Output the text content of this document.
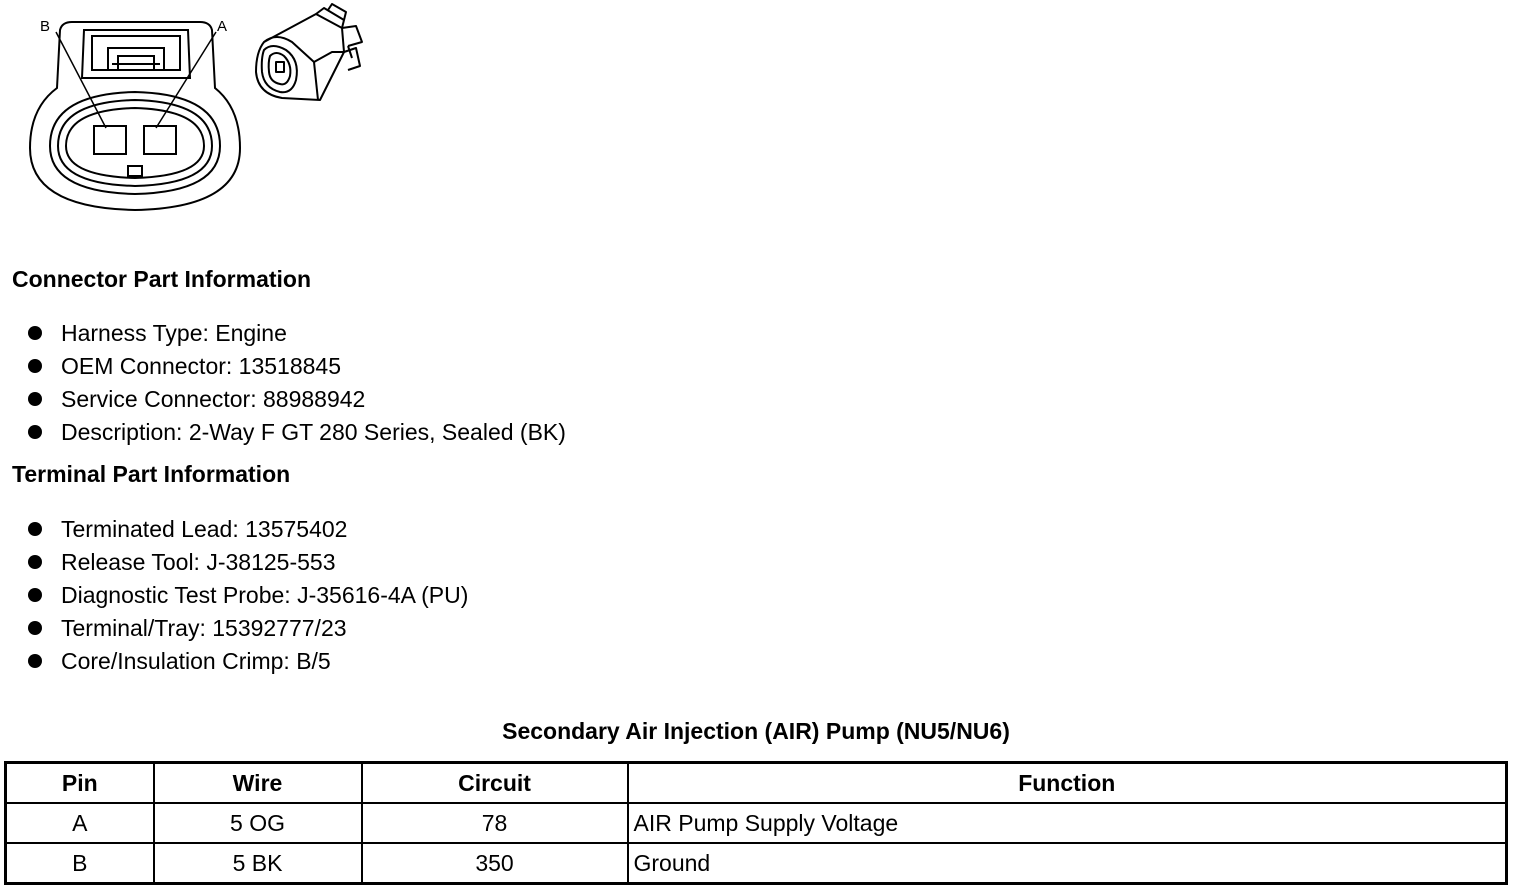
B	A
Connector Part Information
Harness Type: Engine
OEM Connector: 13518845
Service Connector: 88988942
Description: 2-Way F GT 280 Series, Sealed (BK)
Terminal Part Information
Terminated Lead: 13575402
Release Tool: J-38125-553
Diagnostic Test Probe: J-35616-4A (PU)
Terminal/Tray: 15392777/23
Core/Insulation Crimp: B/5
Secondary Air Injection (AIR) Pump (NU5/NU6)
Pin	Wire	Circuit	Function
A	5 OG	78	AIR Pump Supply Voltage
B	5 BK	350	Ground
